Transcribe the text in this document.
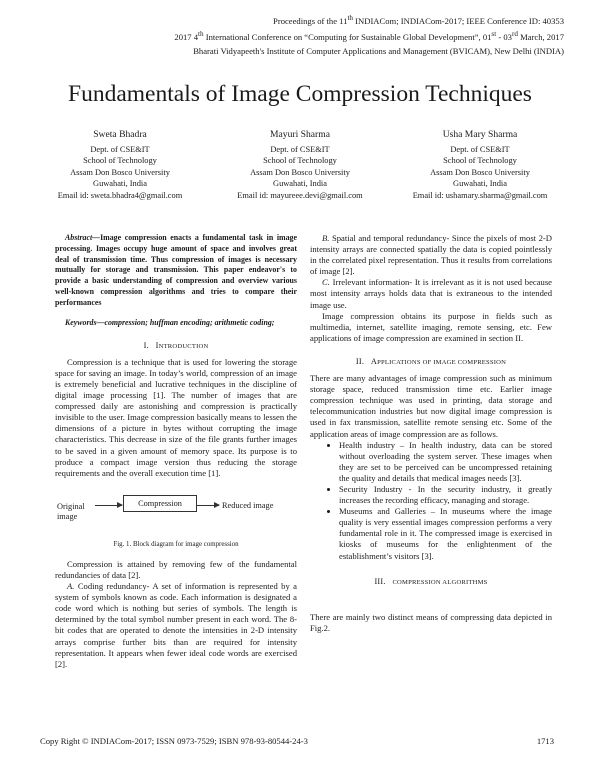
Proceedings of the 11th INDIACom; INDIACom-2017; IEEE Conference ID: 40353
2017 4th International Conference on “Computing for Sustainable Global Development”, 01st - 03rd March, 2017
Bharati Vidyapeeth's Institute of Computer Applications and Management (BVICAM), New Delhi (INDIA)
Fundamentals of Image Compression Techniques
Sweta Bhadra
Dept. of CSE&IT
School of Technology
Assam Don Bosco University
Guwahati, India
Email id: sweta.bhadra4@gmail.com
Mayuri Sharma
Dept. of CSE&IT
School of Technology
Assam Don Bosco University
Guwahati, India
Email id: mayureee.devi@gmail.com
Usha Mary Sharma
Dept. of CSE&IT
School of Technology
Assam Don Bosco University
Guwahati, India
Email id: ushamary.sharma@gmail.com

Abstract—Image compression enacts a fundamental task in image processing. Images occupy huge amount of space and involves great deal of transmission time. Thus compression of images is necessary mutually for storage and transmission. This paper endeavor's to provide a basic understanding of compression and overview various well-known compression algorithms and tries to compare their performances

Keywords—compression; huffman encoding; arithmetic coding;

I. INTRODUCTION

Compression is a technique that is used for lowering the storage space for saving an image. In today’s world, compression of an image is extremely beneficial and lucrative techniques in the discipline of digital image processing [1]. The number of images that are compressed daily are astonishing and compression is practically invisible to the user. Image compression basically means to lessen the dimensions of a picture in bytes without corrupting the image characteristics. This decrease in size of the file grants further images to be saved in a given amount of memory space. Its purpose is to produce a compact image version thus reducing the storage requirements and the overall execution time [1].

Original
image
Compression	Reduced image
Fig. 1. Block diagram for image compression

Compression is attained by removing few of the fundamental redundancies of data [2].

A. Coding redundancy- A set of information is represented by a system of symbols known as code. Each information is designated a code word which is nothing but series of symbols. The length is determined by the total symbol number present in each word. The 8-bit codes that are operated to denote the intensities in 2-D intensity arrays comprise further bits than are required for intensity representation. It appears when fewer ideal code words are exercised [2].

B. Spatial and temporal redundancy- Since the pixels of most 2-D intensity arrays are connected spatially the data is copied pointlessly in the correlated pixel representation. Thus it results from correlations of image [2].

C. Irrelevant information- It is irrelevant as it is not used because most intensity arrays holds data that is extraneous to the intended image use.

Image compression obtains its purpose in fields such as multimedia, internet, satellite imaging, remote sensing, etc. Few applications of image compression are examined in section II.

II. APPLICATIONS OF IMAGE COMPRESSION

There are many advantages of image compression such as minimum storage space, reduced transmission time etc. Earlier image compression technique was used in printing, data storage and telecommunication industries but now digital image compression is used in fax transmission, satellite remote sensing etc. Some of the application areas of image compression are as follows.

• Health industry – In health industry, data can be stored without overloading the system server. These images when they are set to be perceived can be uncompressed retaining the quality and details that medical images needs [3].
• Security Industry - In the security industry, it greatly increases the recording efficacy, managing and storage.
• Museums and Galleries – In museums where the image quality is very essential images compression performs a very fundamental role in it. The compressed image is exercised in kiosks of museums for the enlightenment of the establishment’s visitors [3].
III. COMPRESSION ALGORITHMS

There are mainly two distinct means of compressing data depicted in Fig.2.

Copy Right © INDIACom-2017; ISSN 0973-7529; ISBN 978-93-80544-24-3	1713
